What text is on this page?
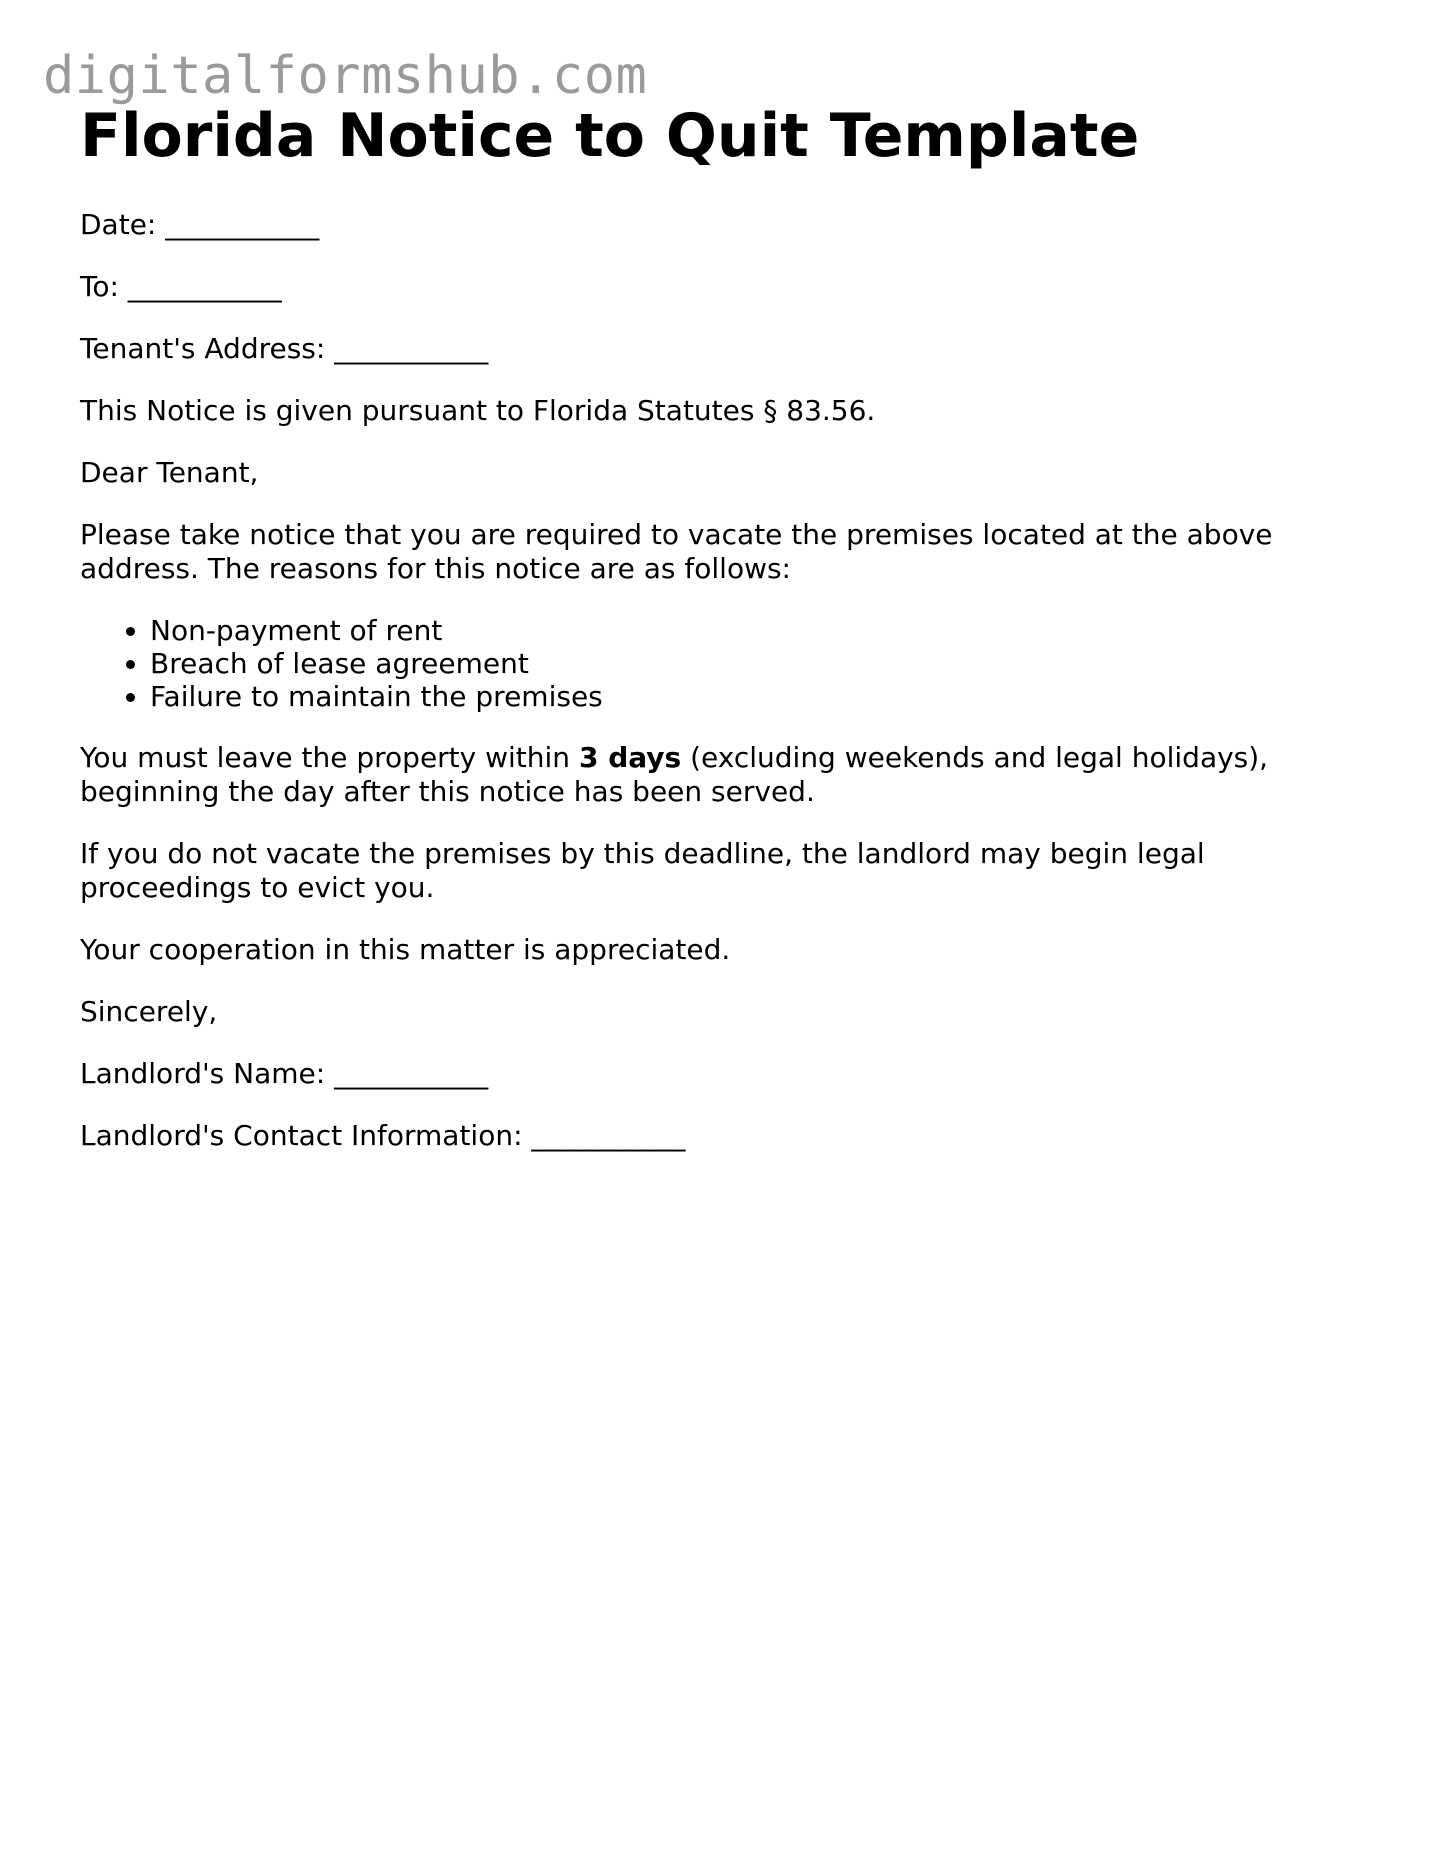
digitalformshub.com
Florida Notice to Quit Template

Date: ___________

To: ___________

Tenant's Address: ___________

This Notice is given pursuant to Florida Statutes § 83.56.

Dear Tenant,

Please take notice that you are required to vacate the premises located at the above address. The reasons for this notice are as follows:

• Non-payment of rent
• Breach of lease agreement
• Failure to maintain the premises

You must leave the property within 3 days (excluding weekends and legal holidays), beginning the day after this notice has been served.

If you do not vacate the premises by this deadline, the landlord may begin legal proceedings to evict you.

Your cooperation in this matter is appreciated.

Sincerely,

Landlord's Name: ___________

Landlord's Contact Information: ___________
